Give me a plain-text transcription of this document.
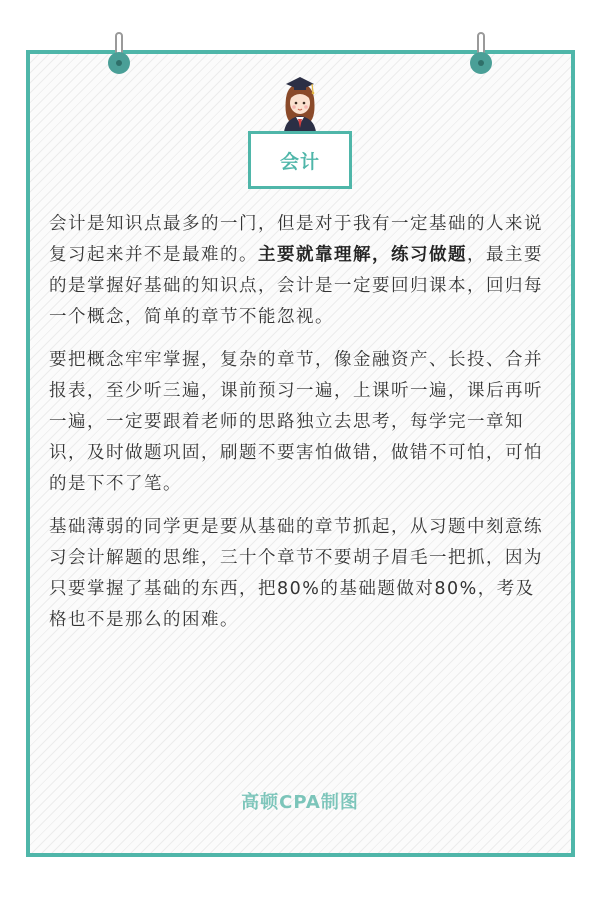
会计

会计是知识点最多的一门，但是对于我有一定基础的人来说复习起来并不是最难的。主要就靠理解，练习做题，最主要的是掌握好基础的知识点，会计是一定要回归课本，回归每一个概念，简单的章节不能忽视。

要把概念牢牢掌握，复杂的章节，像金融资产、长投、合并报表，至少听三遍，课前预习一遍，上课听一遍，课后再听一遍，一定要跟着老师的思路独立去思考，每学完一章知识，及时做题巩固，刷题不要害怕做错，做错不可怕，可怕的是下不了笔。

基础薄弱的同学更是要从基础的章节抓起，从习题中刻意练习会计解题的思维，三十个章节不要胡子眉毛一把抓，因为只要掌握了基础的东西，把80%的基础题做对80%，考及格也不是那么的困难。

高顿CPA制图
